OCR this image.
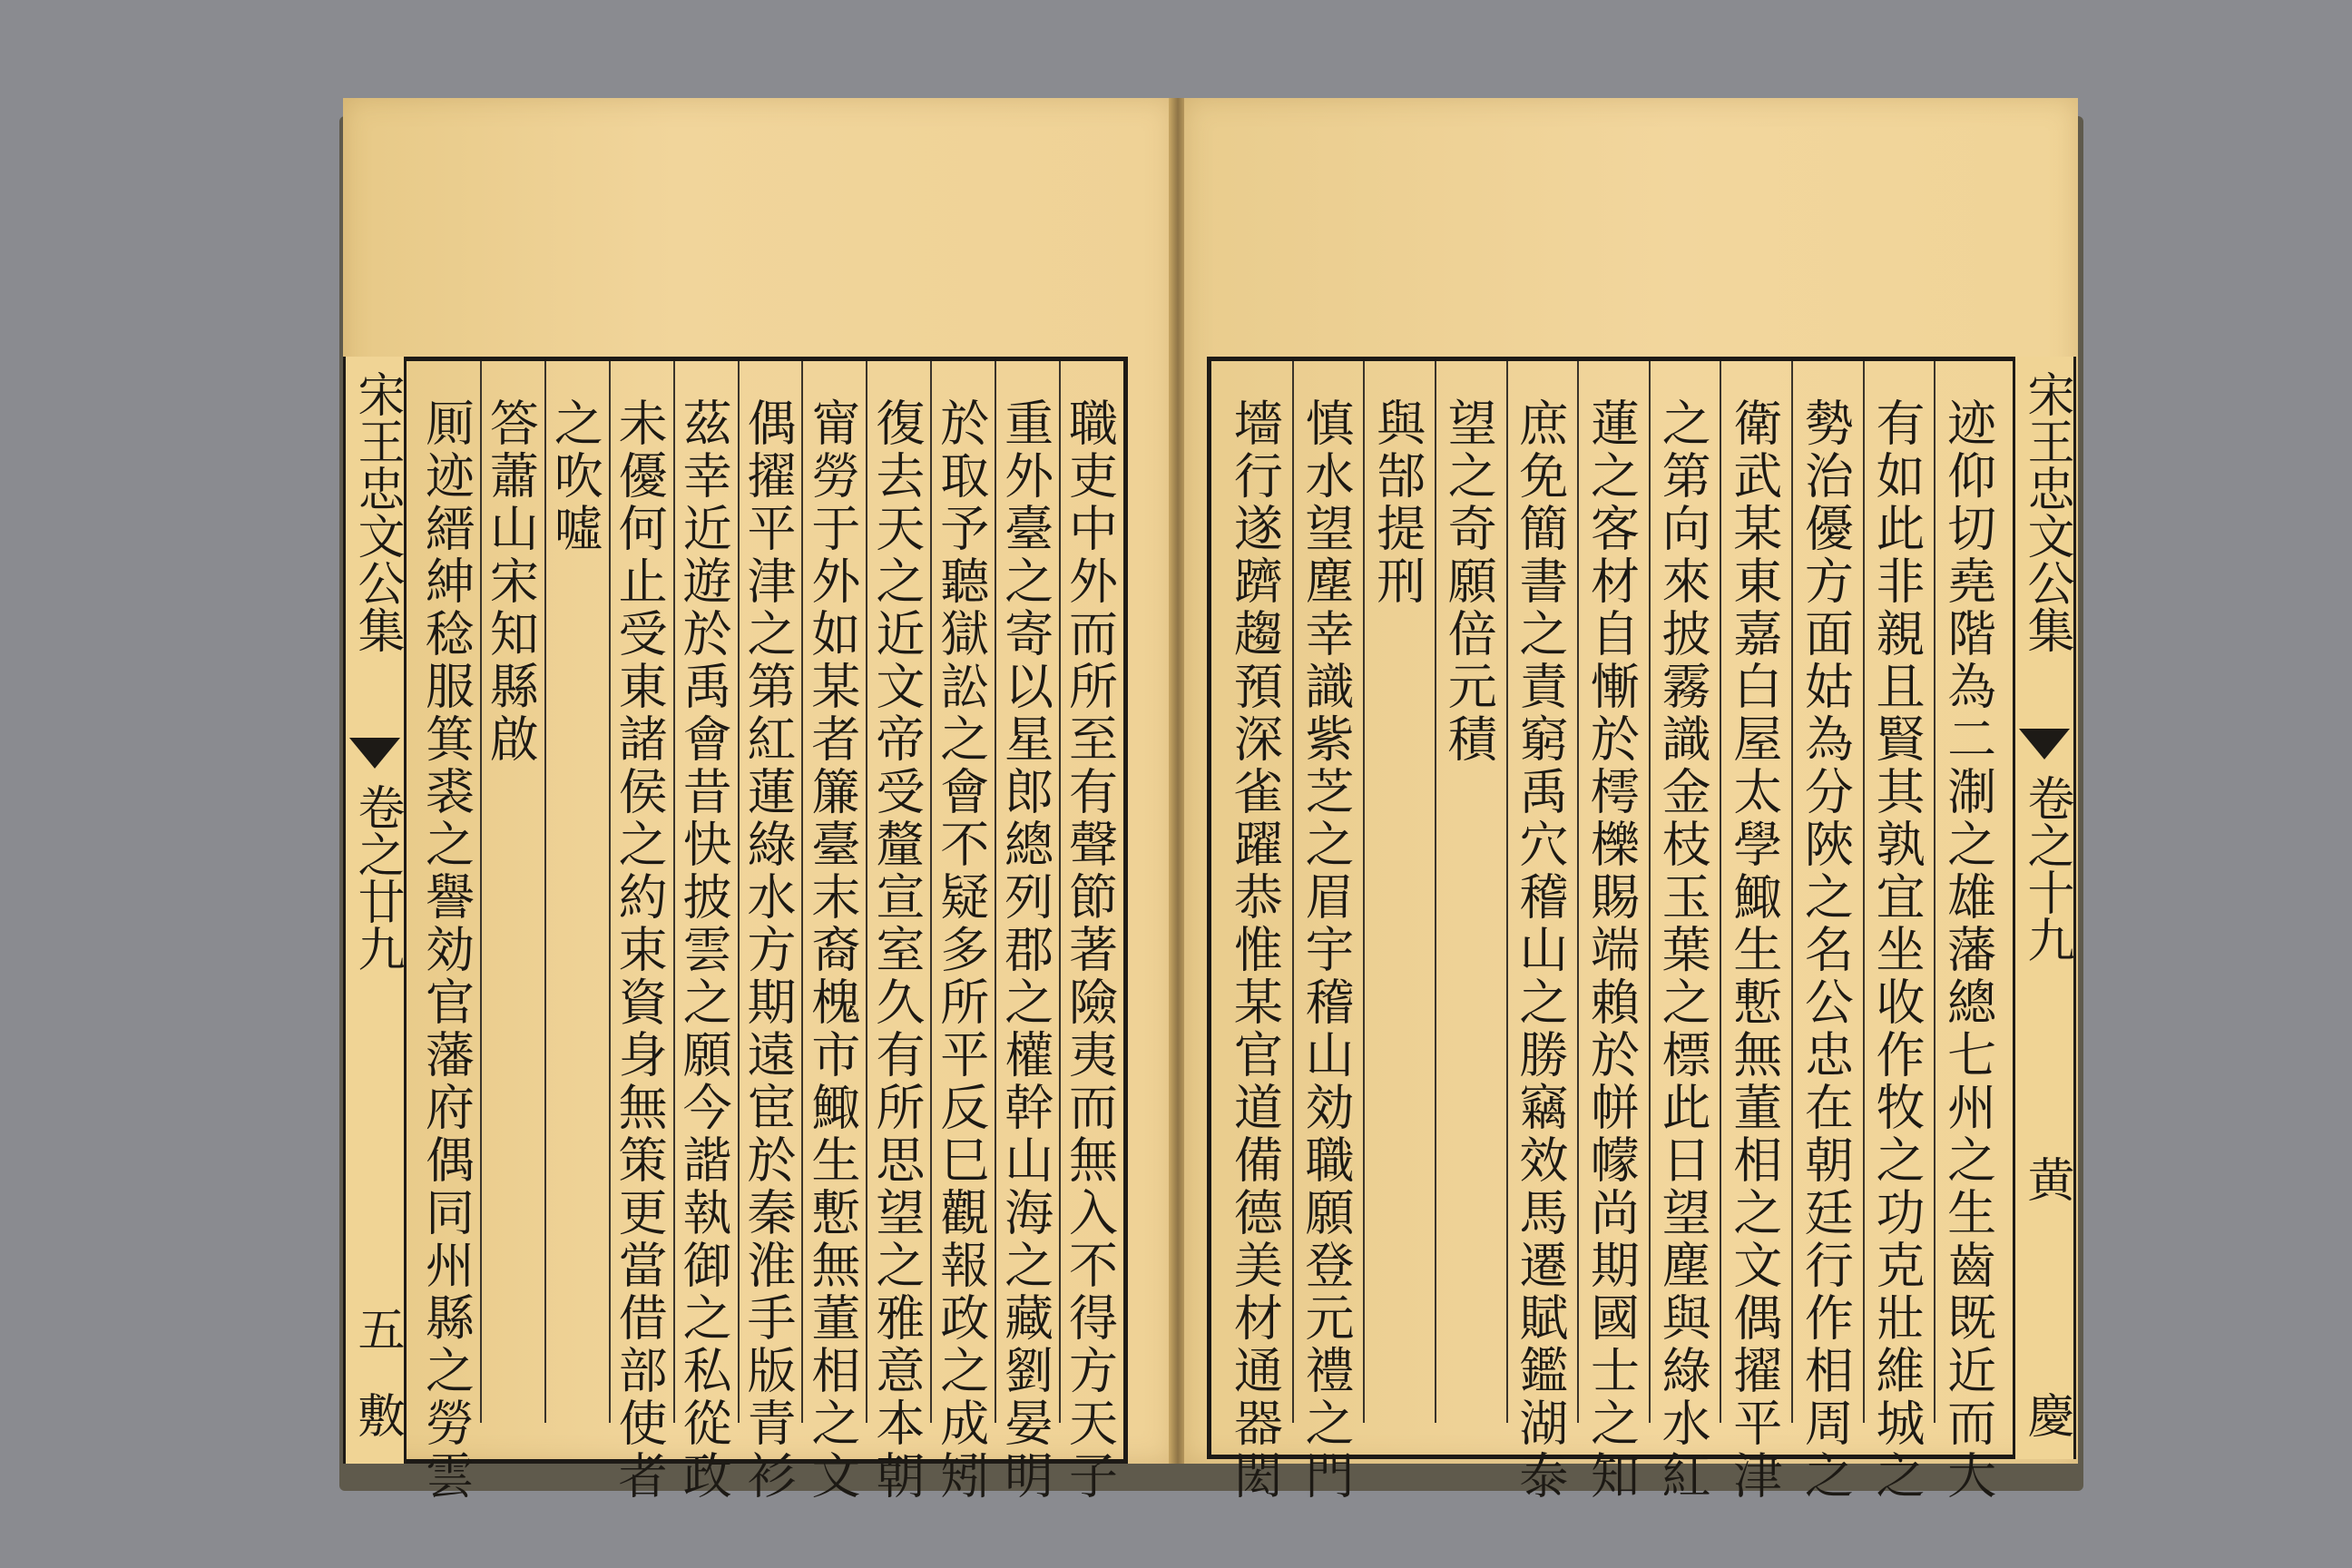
宋王忠文公集
卷之廿九
五
敷	職吏中外而所至有聲節著險夷而無入不得方天子
重外臺之寄以星郎總列郡之權幹山海之藏劉晏明
於取予聽獄訟之會不疑多所平反巳觀報政之成矧
復去天之近文帝受釐宣室久有所思望之雅意本朝
甯勞于外如某者簾臺末裔槐市鯫生慙無董相之文
偶擢平津之第紅蓮綠水方期遠宦於秦淮手版青衫
茲幸近遊於禹會昔快披雲之願今諧執御之私從政
未優何止受東諸侯之約束資身無策更當借部使者
之吹噓
答蕭山宋知縣啟
厠迹縉紳稔服箕裘之譽効官藩府偶同州縣之勞雲	迹仰切堯階為二淛之雄藩總七州之生齒既近而大
有如此非親且賢其孰宜坐收作牧之功克壯維城之
勢治優方面姑為分陜之名公忠在朝廷行作相周之
衛武某東嘉白屋太學鯫生慙無董相之文偶擢平津
之第向來披霧識金枝玉葉之標此日望塵與綠水紅
蓮之客材自慚於樗櫟賜端賴於帡幪尚期國士之知
庶免簡書之責窮禹穴稽山之勝竊效馬遷賦鑑湖泰
望之奇願倍元積
與郜提刑
慎水望塵幸識紫芝之眉宇稽山効職願登元禮之門
墻行遂躋趨預深雀躍恭惟某官道備德美材通器閎	宋王忠文公集
卷之十九
黄
慶
